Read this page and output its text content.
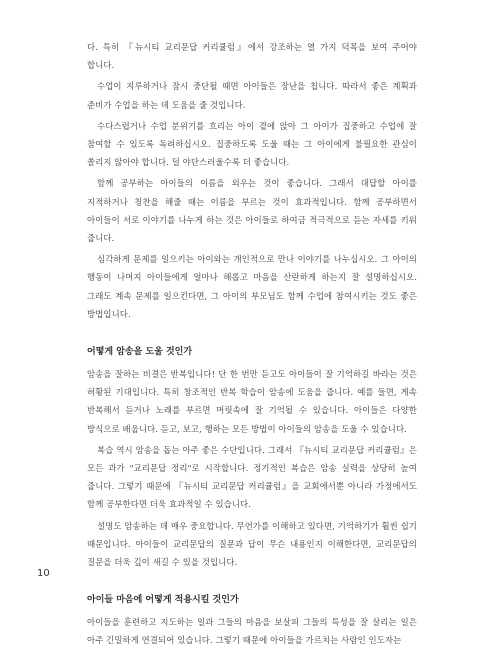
다. 특히 『뉴시티 교리문답 커리큘럼』에서 강조하는 열 가지 덕목을 보여 주어야 합니다.

수업이 지루하거나 잠시 중단될 때면 아이들은 장난을 칩니다. 따라서 좋은 계획과 준비가 수업을 하는 데 도움을 줄 것입니다.

수다스럽거나 수업 분위기를 흐리는 아이 곁에 앉아 그 아이가 집중하고 수업에 잘 참여할 수 있도록 독려하십시오. 집중하도록 도울 때는 그 아이에게 불필요한 관심이 쏠리지 않아야 합니다. 덜 야단스러울수록 더 좋습니다.

함께 공부하는 아이들의 이름을 외우는 것이 좋습니다. 그래서 대답할 아이를 지적하거나 칭찬을 해줄 때는 이름을 부르는 것이 효과적입니다. 함께 공부하면서 아이들이 서로 이야기를 나누게 하는 것은 아이들로 하여금 적극적으로 듣는 자세를 키워 줍니다.

심각하게 문제를 일으키는 아이와는 개인적으로 만나 이야기를 나누십시오. 그 아이의 행동이 나머지 아이들에게 얼마나 해롭고 마음을 산란하게 하는지 잘 설명하십시오. 그래도 계속 문제를 일으킨다면, 그 아이의 부모님도 함께 수업에 참여시키는 것도 좋은 방법입니다.

어떻게 암송을 도울 것인가

암송을 잘하는 비결은 반복입니다! 단 한 번만 듣고도 아이들이 잘 기억하길 바라는 것은 허황된 기대입니다. 특히 창조적인 반복 학습이 암송에 도움을 줍니다. 예를 들면, 게속 반복해서 듣거나 노래를 부르면 머릿속에 잘 기억될 수 있습니다. 아이들은 다양한 방식으로 배웁니다. 듣고, 보고, 행하는 모든 방법이 아이들의 암송을 도울 수 있습니다.

복습 역시 암송을 돕는 아주 좋은 수단입니다. 그래서 『뉴시티 교리문답 커리큘럼』은 모든 과가 "교리문답 정리"로 시작합니다. 정기적인 복습은 암송 실력을 상당히 높여 줍니다. 그렇기 때문에 『뉴시티 교리문답 커리큘럼』을 교회에서뿐 아니라 가정에서도 함께 공부한다면 더욱 효과적일 수 있습니다.

설명도 암송하는 데 매우 중요합니다. 무언가를 이해하고 있다면, 기억하기가 훨씬 쉽기 때문입니다. 아이들이 교리문답의 질문과 답이 무슨 내용인지 이해한다면, 교리문답의 질문을 더욱 깊이 새길 수 있을 것입니다.

아이들 마음에 어떻게 적용시킬 것인가

아이들을 훈련하고 지도하는 일과 그들의 마음을 보살피 그들의 특성을 잘 살리는 일은 아주 긴밀하게 연결되어 있습니다. 그렇기 때문에 아이들을 가르치는 사람인 인도자는

10
